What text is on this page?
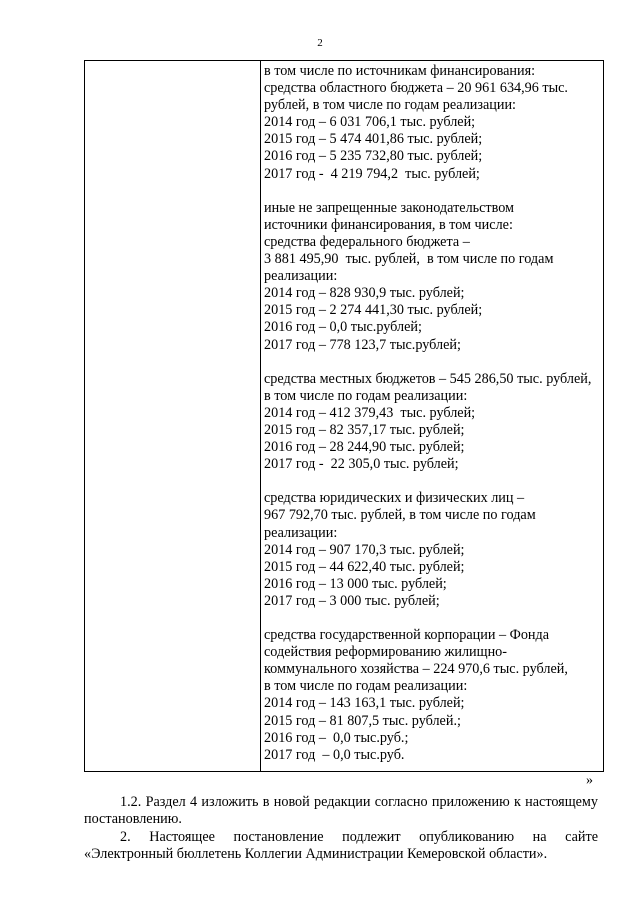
2
в том числе по источникам финансирования:
средства областного бюджета – 20 961 634,96 тыс.
рублей, в том числе по годам реализации:
2014 год – 6 031 706,1 тыс. рублей;
2015 год – 5 474 401,86 тыс. рублей;
2016 год – 5 235 732,80 тыс. рублей;
2017 год -  4 219 794,2  тыс. рублей;
иные не запрещенные законодательством
источники финансирования, в том числе:
средства федерального бюджета –
3 881 495,90  тыс. рублей,  в том числе по годам
реализации:
2014 год – 828 930,9 тыс. рублей;
2015 год – 2 274 441,30 тыс. рублей;
2016 год – 0,0 тыс.рублей;
2017 год – 778 123,7 тыс.рублей;
средства местных бюджетов – 545 286,50 тыс. рублей,
в том числе по годам реализации:
2014 год – 412 379,43  тыс. рублей;
2015 год – 82 357,17 тыс. рублей;
2016 год – 28 244,90 тыс. рублей;
2017 год -  22 305,0 тыс. рублей;
средства юридических и физических лиц –
967 792,70 тыс. рублей, в том числе по годам
реализации:
2014 год – 907 170,3 тыс. рублей;
2015 год – 44 622,40 тыс. рублей;
2016 год – 13 000 тыс. рублей;
2017 год – 3 000 тыс. рублей;
средства государственной корпорации – Фонда
содействия реформированию жилищно-
коммунального хозяйства – 224 970,6 тыс. рублей,
в том числе по годам реализации:
2014 год – 143 163,1 тыс. рублей;
2015 год – 81 807,5 тыс. рублей.;
2016 год –  0,0 тыс.руб.;
2017 год  – 0,0 тыс.руб.
»
1.2. Раздел 4 изложить в новой редакции согласно приложению к настоящему постановлению.
2. Настоящее постановление подлежит опубликованию на сайте «Электронный бюллетень Коллегии Администрации Кемеровской области».
